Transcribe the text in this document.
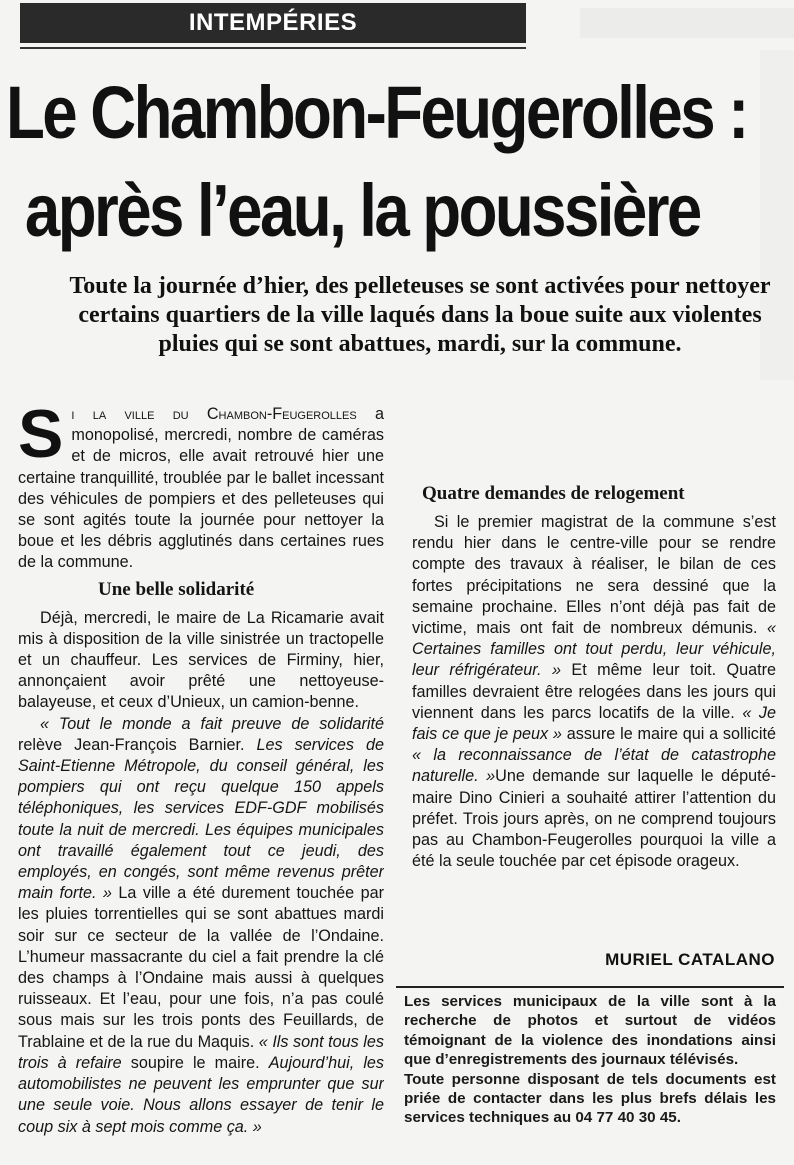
INTEMPÉRIES
Le Chambon-Feugerolles :
après l’eau, la poussière

Toute la journée d’hier, des pelleteuses se sont activées pour nettoyer certains quartiers de la ville laqués dans la boue suite aux violentes pluies qui se sont abattues, mardi, sur la commune.

Si la ville du Chambon-Feugerolles a monopolisé, mercredi, nombre de caméras et de micros, elle avait retrouvé hier une certaine tranquillité, troublée par le ballet incessant des véhicules de pompiers et des pelleteuses qui se sont agités toute la journée pour nettoyer la boue et les débris agglutinés dans certaines rues de la commune.

Une belle solidarité

Déjà, mercredi, le maire de La Ricamarie avait mis à disposition de la ville sinistrée un tractopelle et un chauffeur. Les services de Firminy, hier, annonçaient avoir prêté une nettoyeuse-balayeuse, et ceux d’Unieux, un camion-benne.

« Tout le monde a fait preuve de solidarité relève Jean-François Barnier. Les services de Saint-Etienne Métropole, du conseil général, les pompiers qui ont reçu quelque 150 appels téléphoniques, les services EDF-GDF mobilisés toute la nuit de mercredi. Les équipes municipales ont travaillé également tout ce jeudi, des employés, en congés, sont même revenus prêter main forte. » La ville a été durement touchée par les pluies torrentielles qui se sont abattues mardi soir sur ce secteur de la vallée de l’Ondaine. L’humeur massacrante du ciel a fait prendre la clé des champs à l’Ondaine mais aussi à quelques ruisseaux. Et l’eau, pour une fois, n’a pas coulé sous mais sur les trois ponts des Feuillards, de Trablaine et de la rue du Maquis. « Ils sont tous les trois à refaire soupire le maire. Aujourd’hui, les automobilistes ne peuvent les emprunter que sur une seule voie. Nous allons essayer de tenir le coup six à sept mois comme ça. »

Quatre demandes de relogement

Si le premier magistrat de la commune s’est rendu hier dans le centre-ville pour se rendre compte des travaux à réaliser, le bilan de ces fortes précipitations ne sera dessiné que la semaine prochaine. Elles n’ont déjà pas fait de victime, mais ont fait de nombreux démunis. « Certaines familles ont tout perdu, leur véhicule, leur réfrigérateur. » Et même leur toit. Quatre familles devraient être relogées dans les jours qui viennent dans les parcs locatifs de la ville. « Je fais ce que je peux » assure le maire qui a sollicité « la reconnaissance de l’état de catastrophe naturelle. »Une demande sur laquelle le député-maire Dino Cinieri a souhaité attirer l’attention du préfet. Trois jours après, on ne comprend toujours pas au Chambon-Feugerolles pourquoi la ville a été la seule touchée par cet épisode orageux.

MURIEL CATALANO

Les services municipaux de la ville sont à la recherche de photos et surtout de vidéos témoignant de la violence des inondations ainsi que d’enregistrements des journaux télévisés.

Toute personne disposant de tels documents est priée de contacter dans les plus brefs délais les services techniques au 04 77 40 30 45.
